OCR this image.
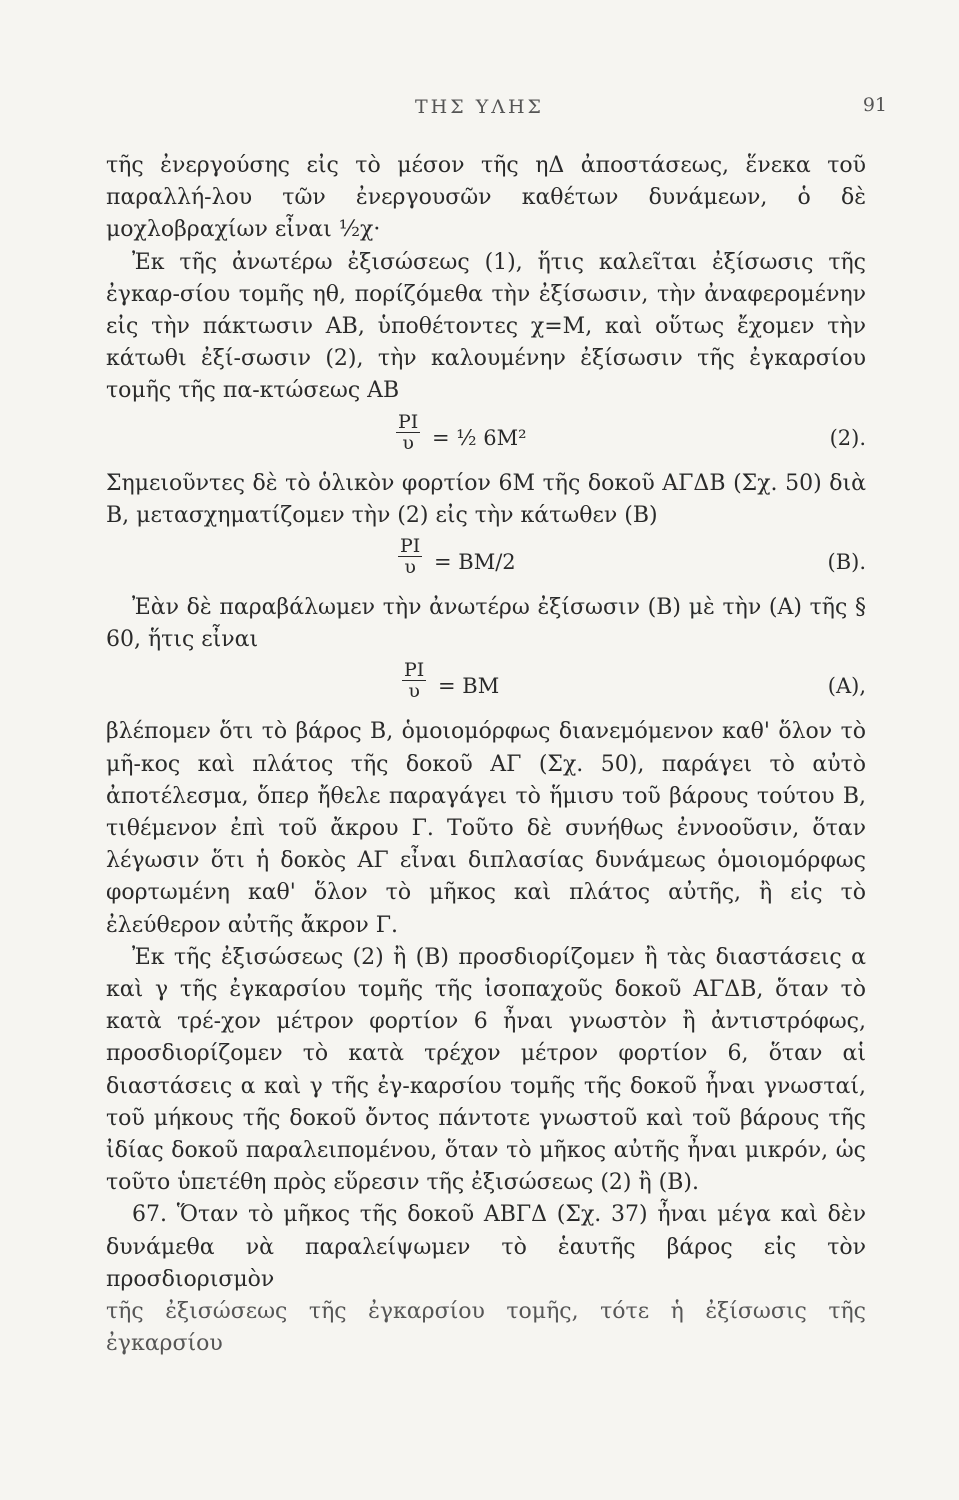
ΤΗΣ ΥΛΗΣ	91

τῆς ἐνεργούσης εἰς τὸ μέσον τῆς ηΔ ἀποστάσεως, ἕνεκα τοῦ παραλλή-λου τῶν ἐνεργουσῶν καθέτων δυνάμεων, ὁ δὲ μοχλοβραχίων εἶναι ½χ·

Ἐκ τῆς ἀνωτέρω ἐξισώσεως (1), ἥτις καλεῖται ἐξίσωσις τῆς ἐγκαρ-σίου τομῆς ηθ, πορίζόμεθα τὴν ἐξίσωσιν, τὴν ἀναφερομένην εἰς τὴν πάκτωσιν ΑΒ, ὑποθέτοντες χ=Μ, καὶ οὕτως ἔχομεν τὴν κάτωθι ἐξί-σωσιν (2), τὴν καλουμένην ἐξίσωσιν τῆς ἐγκαρσίου τομῆς τῆς πα-κτώσεως ΑΒ

$\frac{PI}{\upsilon}$ = ½ 6Μ²	(2).

Σημειοῦντες δὲ τὸ ὁλικὸν φορτίον 6Μ τῆς δοκοῦ ΑΓΔΒ (Σχ. 50) διὰ Β, μετασχηματίζομεν τὴν (2) εἰς τὴν κάτωθεν (Β)

$\frac{PI}{\upsilon} = BM/2$	(Β).

Ἐὰν δὲ παραβάλωμεν τὴν ἀνωτέρω ἐξίσωσιν (Β) μὲ τὴν (Α) τῆς § 60, ἥτις εἶναι

$\frac{PI}{\upsilon} = BM$	(Α),

βλέπομεν ὅτι τὸ βάρος Β, ὁμοιομόρφως διανεμόμενον καθ' ὅλον τὸ μῆ-κος καὶ πλάτος τῆς δοκοῦ ΑΓ (Σχ. 50), παράγει τὸ αὐτὸ ἀποτέλεσμα, ὅπερ ἤθελε παραγάγει τὸ ἥμισυ τοῦ βάρους τούτου Β, τιθέμενον ἐπὶ τοῦ ἄκρου Γ. Τοῦτο δὲ συνήθως ἐννοοῦσιν, ὅταν λέγωσιν ὅτι ἡ δοκὸς ΑΓ εἶναι διπλασίας δυνάμεως ὁμοιομόρφως φορτωμένη καθ' ὅλον τὸ μῆκος καὶ πλάτος αὐτῆς, ἢ εἰς τὸ ἐλεύθερον αὐτῆς ἄκρον Γ.

Ἐκ τῆς ἐξισώσεως (2) ἢ (Β) προσδιορίζομεν ἢ τὰς διαστάσεις α καὶ γ τῆς ἐγκαρσίου τομῆς τῆς ἰσοπαχοῦς δοκοῦ ΑΓΔΒ, ὅταν τὸ κατὰ τρέ-χον μέτρον φορτίον 6 ἦναι γνωστὸν ἢ ἀντιστρόφως, προσδιορίζομεν τὸ κατὰ τρέχον μέτρον φορτίον 6, ὅταν αἱ διαστάσεις α καὶ γ τῆς ἐγ-καρσίου τομῆς τῆς δοκοῦ ἦναι γνωσταί, τοῦ μήκους τῆς δοκοῦ ὄντος πάντοτε γνωστοῦ καὶ τοῦ βάρους τῆς ἰδίας δοκοῦ παραλειπομένου, ὅταν τὸ μῆκος αὐτῆς ἦναι μικρόν, ὡς τοῦτο ὑπετέθη πρὸς εὕρεσιν τῆς ἐξισώσεως (2) ἢ (Β).

67. Ὅταν τὸ μῆκος τῆς δοκοῦ ΑΒΓΔ (Σχ. 37) ἦναι μέγα καὶ δὲν δυνάμεθα νὰ παραλείψωμεν τὸ ἑαυτῆς βάρος εἰς τὸν προσδιορισμὸν

τῆς ἐξισώσεως τῆς ἐγκαρσίου τομῆς, τότε ἡ ἐξίσωσις τῆς ἐγκαρσίου
